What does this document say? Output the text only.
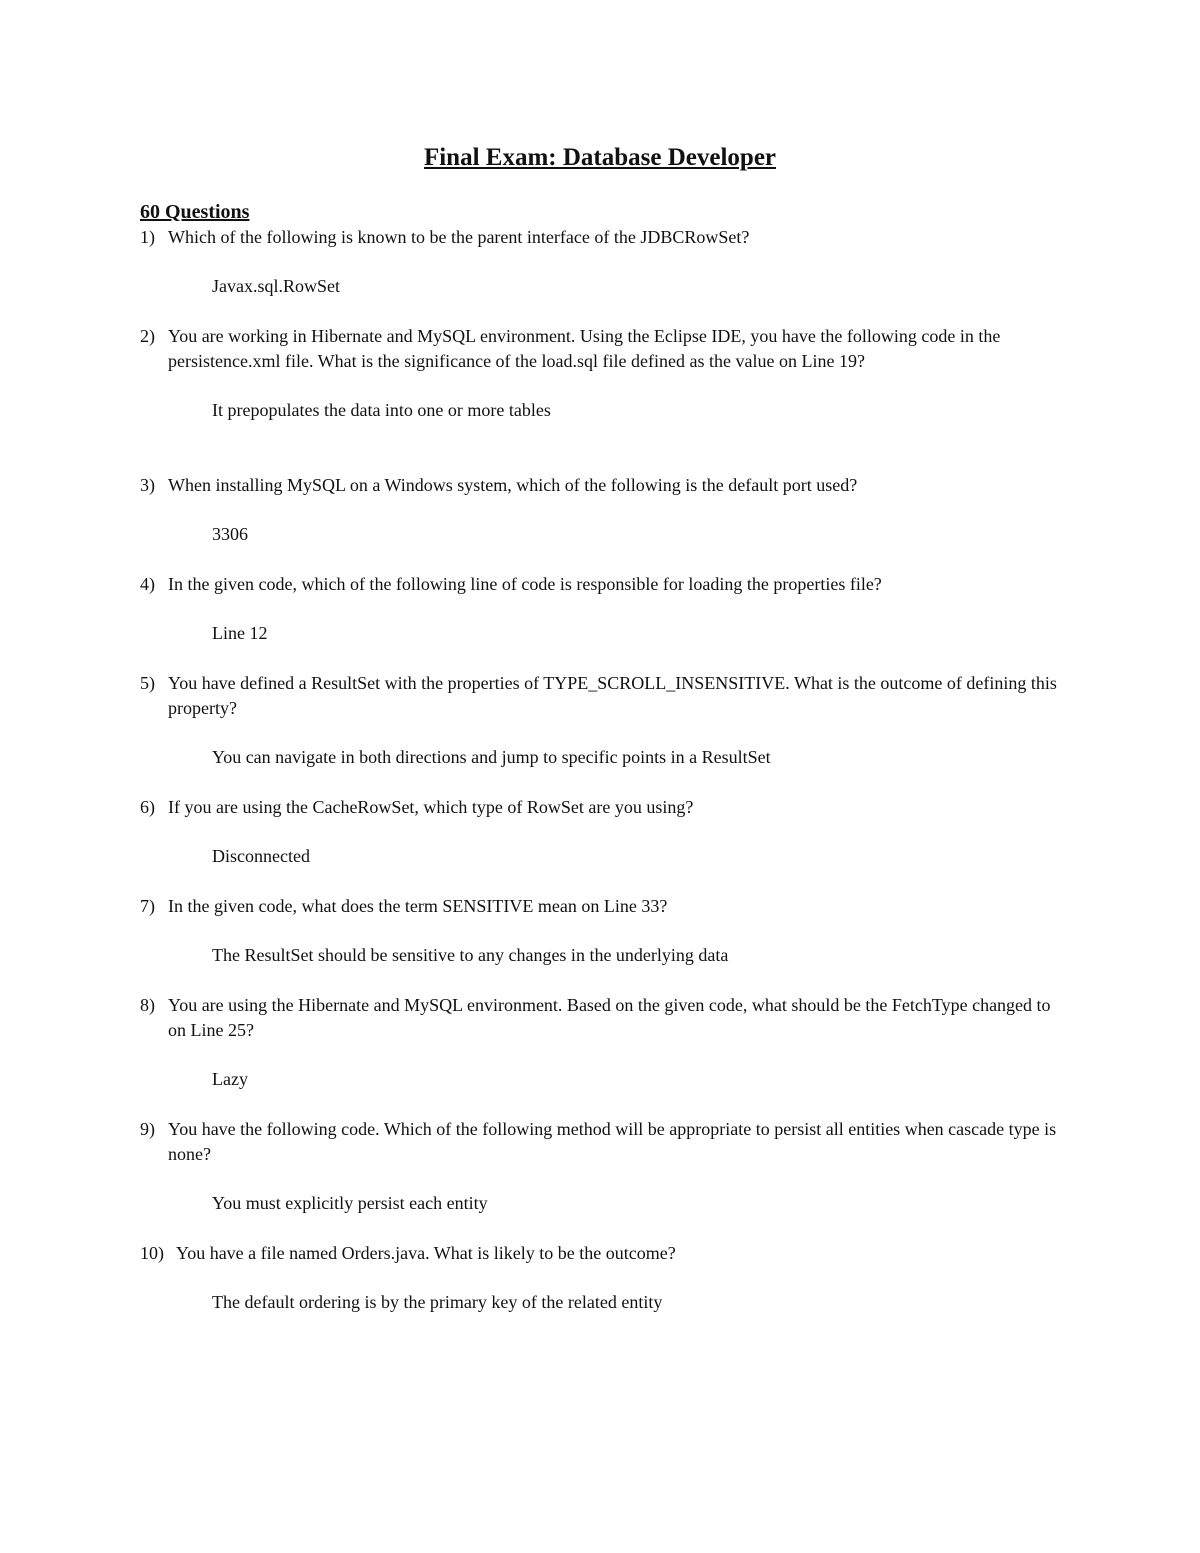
Final Exam: Database Developer
60 Questions

1) Which of the following is known to be the parent interface of the JDBCRowSet?

Javax.sql.RowSet

2) You are working in Hibernate and MySQL environment. Using the Eclipse IDE, you have the following code in the persistence.xml file. What is the significance of the load.sql file defined as the value on Line 19?

It prepopulates the data into one or more tables

3) When installing MySQL on a Windows system, which of the following is the default port used?

3306

4) In the given code, which of the following line of code is responsible for loading the properties file?

Line 12

5) You have defined a ResultSet with the properties of TYPE_SCROLL_INSENSITIVE. What is the outcome of defining this property?

You can navigate in both directions and jump to specific points in a ResultSet

6) If you are using the CacheRowSet, which type of RowSet are you using?

Disconnected

7) In the given code, what does the term SENSITIVE mean on Line 33?

The ResultSet should be sensitive to any changes in the underlying data

8) You are using the Hibernate and MySQL environment. Based on the given code, what should be the FetchType changed to on Line 25?

Lazy

9) You have the following code. Which of the following method will be appropriate to persist all entities when cascade type is none?

You must explicitly persist each entity

10) You have a file named Orders.java. What is likely to be the outcome?

The default ordering is by the primary key of the related entity
